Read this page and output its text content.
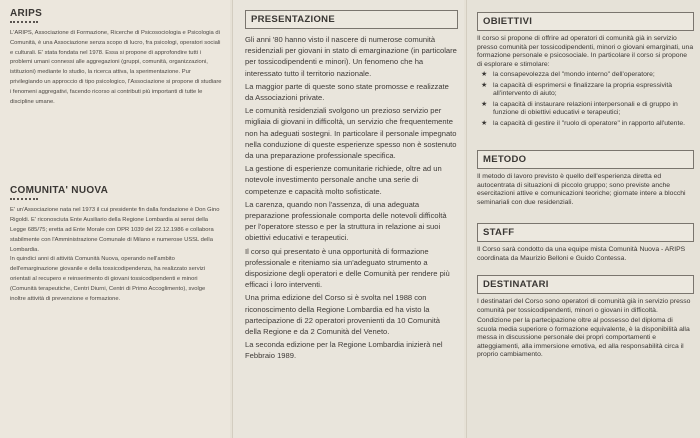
ARIPS

L'ARIPS, Associazione di Formazione, Ricerche di Psicosociologia e Psicologia di Comunità, è una Associazione senza scopo di lucro, fra psicologi, operatori sociali e culturali. E' stata fondata nel 1978. Essa si propone di approfondire tutti i problemi umani connessi alle aggregazioni (gruppi, comunità, organizzazioni, istituzioni) mediante lo studio, la ricerca attiva, la sperimentazione. Pur privilegiando un approccio di tipo psicologico, l'Associazione si propone di studiare i fenomeni aggregativi, facendo ricorso ai contributi più importanti di tutte le discipline umane.

COMUNITA' NUOVA

E' un'Associazione nata nel 1973 il cui presidente fin dalla fondazione è Don Gino Rigoldi. E' riconosciuta Ente Ausiliario della Regione Lombardia ai sensi della Legge 685/75; eretta ad Ente Morale con DPR 1039 del 22.12.1986 e collabora stabilmente con l'Amministrazione Comunale di Milano e numerose USSL della Lombardia.

In quindici anni di attività Comunità Nuova, operando nell'ambito dell'emarginazione giovanile e della tossicodipendenza, ha realizzato servizi orientati al recupero e reinserimento di giovani tossicodipendenti e minori (Comunità terapeutiche, Centri Diurni, Centri di Primo Accoglimento), svolge inoltre attività di prevenzione e formazione.

PRESENTAZIONE

Gli anni '80 hanno visto il nascere di numerose comunità residenziali per giovani in stato di emarginazione (in particolare per tossicodipendenti e minori). Un fenomeno che ha interessato tutto il territorio nazionale.

La maggior parte di queste sono state promosse e realizzate da Associazioni private.

Le comunità residenziali svolgono un prezioso servizio per migliaia di giovani in difficoltà, un servizio che frequentemente non ha adeguati sostegni. In particolare il personale impegnato nella conduzione di queste esperienze spesso non è sostenuto da una preparazione professionale specifica.

La gestione di esperienze comunitarie richiede, oltre ad un notevole investimento personale anche una serie di competenze e capacità molto sofisticate.

La carenza, quando non l'assenza, di una adeguata preparazione professionale comporta delle notevoli difficoltà per l'operatore stesso e per la struttura in relazione ai suoi obiettivi educativi e terapeutici.

Il corso qui presentato è una opportunità di formazione professionale e riteniamo sia un'adeguato strumento a disposizione degli operatori e delle Comunità per rendere più efficaci i loro interventi.

Una prima edizione del Corso si è svolta nel 1988 con riconoscimento della Regione Lombardia ed ha visto la partecipazione di 22 operatori provenienti da 10 Comunità della Regione e da 2 Comunità del Veneto.

La seconda edizione per la Regione Lombardia inizierà nel Febbraio 1989.

OBIETTIVI

Il corso si propone di offrire ad operatori di comunità già in servizio presso comunità per tossicodipendenti, minori o giovani emarginati, una formazione personale e psicosociale. In particolare il corso si propone di esplorare e stimolare:

★ la consapevolezza del "mondo interno" dell'operatore;
★ la capacità di esprimersi e finalizzare la propria espressività all'intervento di aiuto;
★ la capacità di instaurare relazioni interpersonali e di gruppo in funzione di obiettivi educativi e terapeutici;
★ la capacità di gestire il "ruolo di operatore" in rapporto all'utente.
METODO

Il metodo di lavoro previsto è quello dell'esperienza diretta ed autocentrata di situazioni di piccolo gruppo; sono previste anche esercitazioni attive e comunicazioni teoriche; giornate intere a blocchi seminariali con due residenziali.

STAFF

Il Corso sarà condotto da una equipe mista Comunità Nuova - ARIPS coordinata da Maurizio Belloni e Guido Contessa.

DESTINATARI

I destinatari del Corso sono operatori di comunità già in servizio presso comunità per tossicodipendenti, minori o giovani in difficoltà.

Condizione per la partecipazione oltre al possesso del diploma di scuola media superiore o formazione equivalente, è la disponibilità alla messa in discussione personale dei propri comportamenti e atteggiamenti, alla immersione emotiva, ed alla responsabilità circa il proprio cambiamento.
